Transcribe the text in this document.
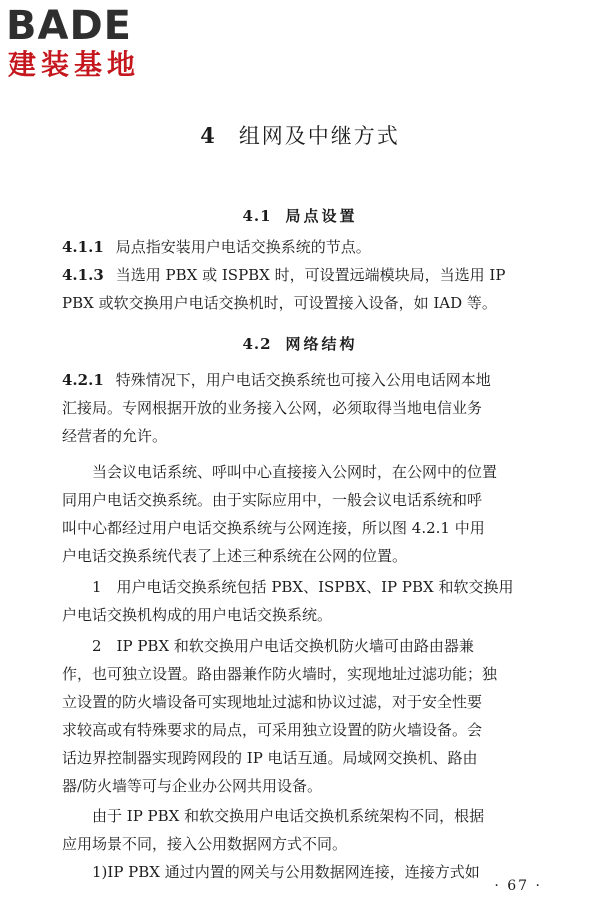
BADE
建装基地
4 组网及中继方式
4.1 局点设置
4.1.1 局点指安装用户电话交换系统的节点。
4.1.3 当选用 PBX 或 ISPBX 时，可设置远端模块局，当选用 IP
PBX 或软交换用户电话交换机时，可设置接入设备，如 IAD 等。
4.2 网络结构
4.2.1 特殊情况下，用户电话交换系统也可接入公用电话网本地
汇接局。专网根据开放的业务接入公网，必须取得当地电信业务
经营者的允许。
当会议电话系统、呼叫中心直接接入公网时，在公网中的位置
同用户电话交换系统。由于实际应用中，一般会议电话系统和呼
叫中心都经过用户电话交换系统与公网连接，所以图 4.2.1 中用
户电话交换系统代表了上述三种系统在公网的位置。
1　用户电话交换系统包括 PBX、ISPBX、IP PBX 和软交换用
户电话交换机构成的用户电话交换系统。
2　IP PBX 和软交换用户电话交换机防火墙可由路由器兼
作，也可独立设置。路由器兼作防火墙时，实现地址过滤功能；独
立设置的防火墙设备可实现地址过滤和协议过滤，对于安全性要
求较高或有特殊要求的局点，可采用独立设置的防火墙设备。会
话边界控制器实现跨网段的 IP 电话互通。局域网交换机、路由
器/防火墙等可与企业办公网共用设备。
由于 IP PBX 和软交换用户电话交换机系统架构不同，根据
应用场景不同，接入公用数据网方式不同。
1)IP PBX 通过内置的网关与公用数据网连接，连接方式如
· 67 ·
